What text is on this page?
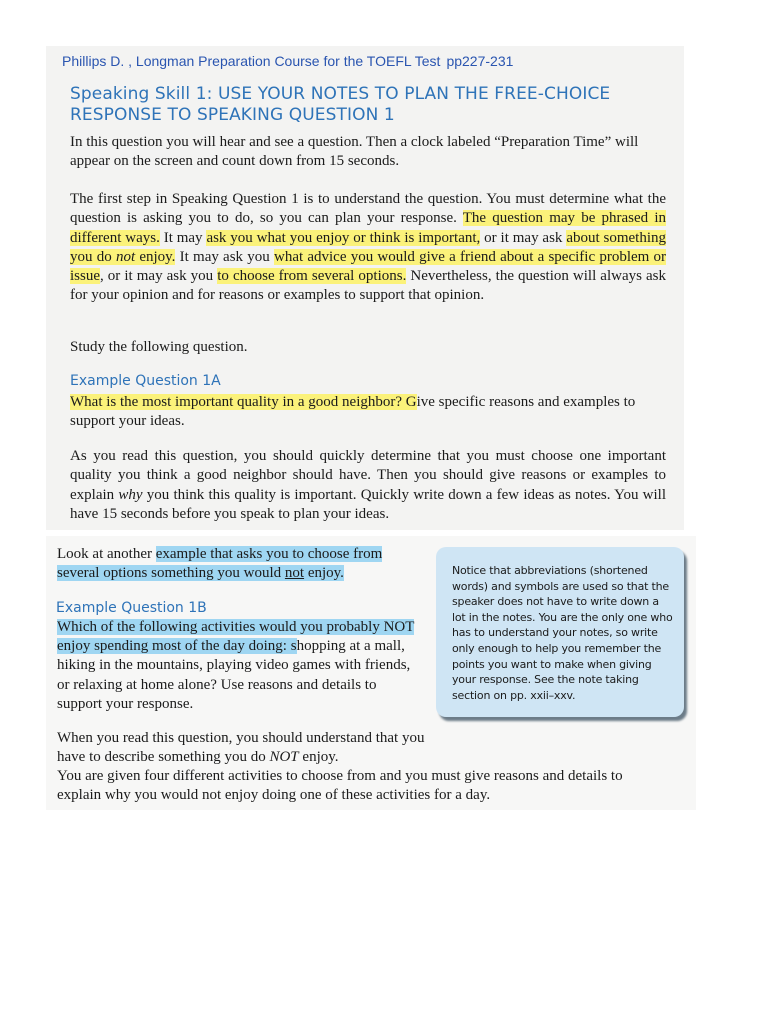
Phillips D. , Longman Preparation Course for the TOEFL Test pp227-231
Speaking Skill 1: USE YOUR NOTES TO PLAN THE FREE-CHOICE
RESPONSE TO SPEAKING QUESTION 1

In this question you will hear and see a question. Then a clock labeled “Preparation Time” will appear on the screen and count down from 15 seconds.

The first step in Speaking Question 1 is to understand the question. You must determine what the question is asking you to do, so you can plan your response. The question may be phrased in different ways. It may ask you what you enjoy or think is important, or it may ask about something you do not enjoy. It may ask you what advice you would give a friend about a specific problem or issue, or it may ask you to choose from several options. Nevertheless, the question will always ask for your opinion and for reasons or examples to support that opinion.

Study the following question.

Example Question 1A

What is the most important quality in a good neighbor? Give specific reasons and examples to support your ideas.

As you read this question, you should quickly determine that you must choose one important quality you think a good neighbor should have. Then you should give reasons or examples to explain why you think this quality is important. Quickly write down a few ideas as notes. You will have 15 seconds before you speak to plan your ideas.

Look at another example that asks you to choose from several options something you would not enjoy.

Example Question 1B

Which of the following activities would you probably NOT enjoy spending most of the day doing: shopping at a mall, hiking in the mountains, playing video games with friends, or relaxing at home alone? Use reasons and details to support your response.

When you read this question, you should understand that you have to describe something you do NOT enjoy.

You are given four different activities to choose from and you must give reasons and details to explain why you would not enjoy doing one of these activities for a day.

Notice that abbreviations (shortened words) and symbols are used so that the speaker does not have to write down a lot in the notes. You are the only one who has to understand your notes, so write only enough to help you remember the points you want to make when giving your response. See the note taking section on pp. xxii–xxv.
